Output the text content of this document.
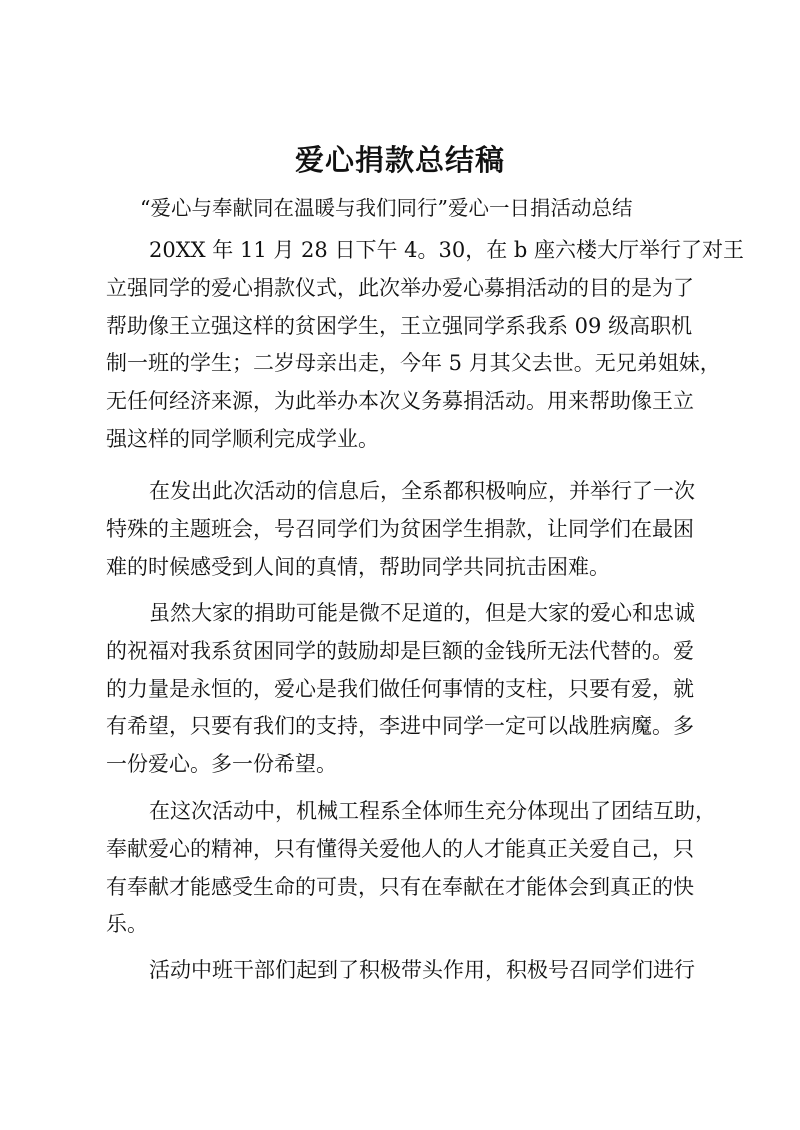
爱心捐款总结稿
“爱心与奉献同在温暖与我们同行”爱心一日捐活动总结
20XX 年 11 月 28 日下午 4。30，在 b 座六楼大厅举行了对王
立强同学的爱心捐款仪式，此次举办爱心募捐活动的目的是为了
帮助像王立强这样的贫困学生，王立强同学系我系 09 级高职机
制一班的学生；二岁母亲出走，今年 5 月其父去世。无兄弟姐妹，
无任何经济来源，为此举办本次义务募捐活动。用来帮助像王立
强这样的同学顺利完成学业。
在发出此次活动的信息后，全系都积极响应，并举行了一次
特殊的主题班会，号召同学们为贫困学生捐款，让同学们在最困
难的时候感受到人间的真情，帮助同学共同抗击困难。
虽然大家的捐助可能是微不足道的，但是大家的爱心和忠诚
的祝福对我系贫困同学的鼓励却是巨额的金钱所无法代替的。爱
的力量是永恒的，爱心是我们做任何事情的支柱，只要有爱，就
有希望，只要有我们的支持，李进中同学一定可以战胜病魔。多
一份爱心。多一份希望。
在这次活动中，机械工程系全体师生充分体现出了团结互助，
奉献爱心的精神，只有懂得关爱他人的人才能真正关爱自己，只
有奉献才能感受生命的可贵，只有在奉献在才能体会到真正的快
乐。
活动中班干部们起到了积极带头作用，积极号召同学们进行
